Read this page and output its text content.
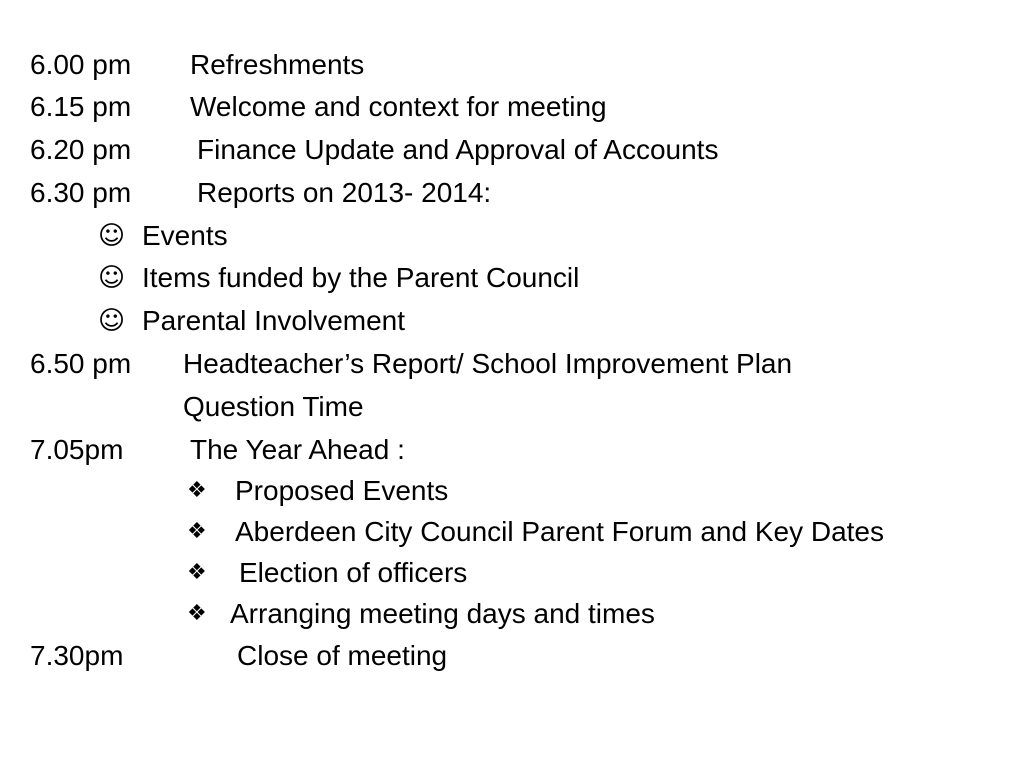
6.00 pm Refreshments
6.15 pm Welcome and context for meeting
6.20 pm Finance Update and Approval of Accounts
6.30 pm Reports on 2013- 2014:
☺ Events
☺ Items funded by the Parent Council
☺ Parental Involvement
6.50 pm Headteacher’s Report/ School Improvement Plan
Question Time
7.05pm The Year Ahead :
❖ Proposed Events
❖ Aberdeen City Council Parent Forum and Key Dates
❖ Election of officers
❖ Arranging meeting days and times
7.30pm	Close of meeting
